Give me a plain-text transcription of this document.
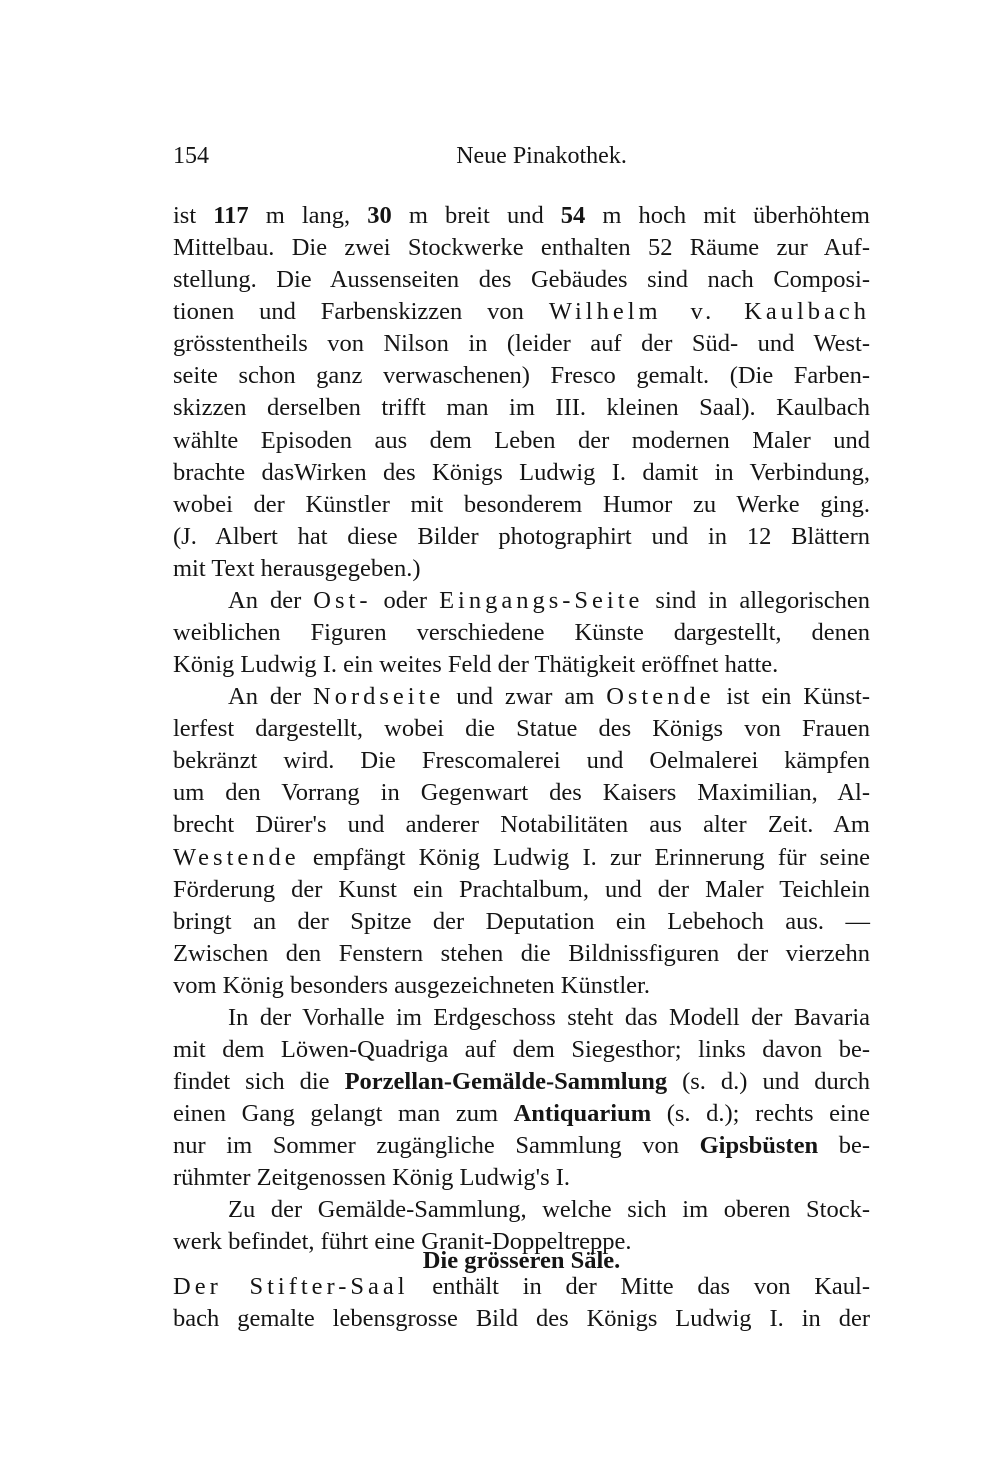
154	Neue Pinakothek.
ist 117 m lang, 30 m breit und 54 m hoch mit überhöhtem
Mittelbau. Die zwei Stockwerke enthalten 52 Räume zur Auf-
stellung. Die Aussenseiten des Gebäudes sind nach Composi-
tionen und Farbenskizzen von Wilhelm v. Kaulbach
grösstentheils von Nilson in (leider auf der Süd- und West-
seite schon ganz verwaschenen) Fresco gemalt. (Die Farben-
skizzen derselben trifft man im III. kleinen Saal). Kaulbach
wählte Episoden aus dem Leben der modernen Maler und
brachte dasWirken des Königs Ludwig I. damit in Verbindung,
wobei der Künstler mit besonderem Humor zu Werke ging.
(J. Albert hat diese Bilder photographirt und in 12 Blättern
mit Text herausgegeben.)
An der Ost- oder Eingangs-Seite sind in allegorischen
weiblichen Figuren verschiedene Künste dargestellt, denen
König Ludwig I. ein weites Feld der Thätigkeit eröffnet hatte.
An der Nordseite und zwar am Ostende ist ein Künst-
lerfest dargestellt, wobei die Statue des Königs von Frauen
bekränzt wird. Die Frescomalerei und Oelmalerei kämpfen
um den Vorrang in Gegenwart des Kaisers Maximilian, Al-
brecht Dürer's und anderer Notabilitäten aus alter Zeit. Am
Westende empfängt König Ludwig I. zur Erinnerung für seine
Förderung der Kunst ein Prachtalbum, und der Maler Teichlein
bringt an der Spitze der Deputation ein Lebehoch aus. —
Zwischen den Fenstern stehen die Bildnissfiguren der vierzehn
vom König besonders ausgezeichneten Künstler.
In der Vorhalle im Erdgeschoss steht das Modell der Bavaria
mit dem Löwen-Quadriga auf dem Siegesthor; links davon be-
findet sich die Porzellan-Gemälde-Sammlung (s. d.) und durch
einen Gang gelangt man zum Antiquarium (s. d.); rechts eine
nur im Sommer zugängliche Sammlung von Gipsbüsten be-
rühmter Zeitgenossen König Ludwig's I.
Zu der Gemälde-Sammlung, welche sich im oberen Stock-
werk befindet, führt eine Granit-Doppeltreppe.
Die grösseren Säle.
Der Stifter-Saal enthält in der Mitte das von Kaul-
bach gemalte lebensgrosse Bild des Königs Ludwig I. in der
